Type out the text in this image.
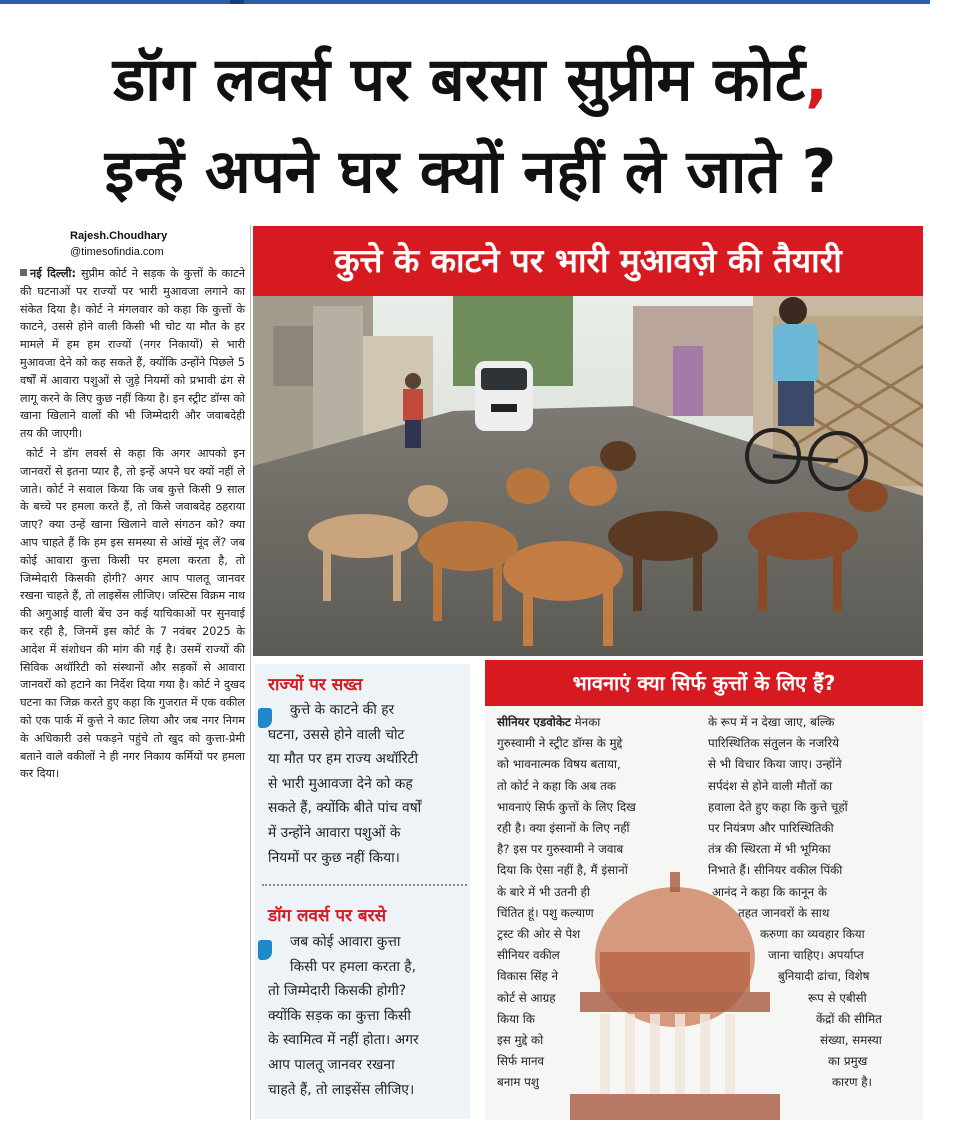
डॉग लवर्स पर बरसा सुप्रीम कोर्ट,
इन्हें अपने घर क्यों नहीं ले जाते ?
Rajesh.Choudhary
@timesofindia.com

नई दिल्ली: सुप्रीम कोर्ट ने सड़क के कुत्तों के काटने की घटनाओं पर राज्यों पर भारी मुआवजा लगाने का संकेत दिया है। कोर्ट ने मंगलवार को कहा कि कुत्तों के काटने, उससे होने वाली किसी भी चोट या मौत के हर मामले में हम हम राज्यों (नगर निकायों) से भारी मुआवजा देने को कह सकते हैं, क्योंकि उन्होंने पिछले 5 वर्षों में आवारा पशुओं से जुड़े नियमों को प्रभावी ढंग से लागू करने के लिए कुछ नहीं किया है। इन स्ट्रीट डॉग्स को खाना खिलाने वालों की भी जिम्मेदारी और जवाबदेही तय की जाएगी।

कोर्ट ने डॉग लवर्स से कहा कि अगर आपको इन जानवरों से इतना प्यार है, तो इन्हें अपने घर क्यों नहीं ले जाते। कोर्ट ने सवाल किया कि जब कुत्ते किसी 9 साल के बच्चे पर हमला करते हैं, तो किसे जवाबदेह ठहराया जाए? क्या उन्हें खाना खिलाने वाले संगठन को? क्या आप चाहते हैं कि हम इस समस्या से आंखें मूंद लें? जब कोई आवारा कुत्ता किसी पर हमला करता है, तो जिम्मेदारी किसकी होगी? अगर आप पालतू जानवर रखना चाहते हैं, तो लाइसेंस लीजिए। जस्टिस विक्रम नाथ की अगुआई वाली बेंच उन कई याचिकाओं पर सुनवाई कर रही है, जिनमें इस कोर्ट के 7 नवंबर 2025 के आदेश में संशोधन की मांग की गई है। उसमें राज्यों की सिविक अथॉरिटी को संस्थानों और सड़कों से आवारा जानवरों को हटाने का निर्देश दिया गया है। कोर्ट ने दुखद घटना का जिक्र करते हुए कहा कि गुजरात में एक वकील को एक पार्क में कुत्ते ने काट लिया और जब नगर निगम के अधिकारी उसे पकड़ने पहुंचे तो खुद को कुत्ता-प्रेमी बताने वाले वकीलों ने ही नगर निकाय कर्मियों पर हमला कर दिया।

कुत्ते के काटने पर भारी मुआवज़े की तैयारी
राज्यों पर सख्त
कुत्ते के काटने की हर
घटना, उससे होने वाली चोट
या मौत पर हम राज्य अथॉरिटी
से भारी मुआवजा देने को कह
सकते हैं, क्योंकि बीते पांच वर्षों
में उन्होंने आवारा पशुओं के
नियमों पर कुछ नहीं किया।
डॉग लवर्स पर बरसे
जब कोई आवारा कुत्ता
किसी पर हमला करता है,
तो जिम्मेदारी किसकी होगी?
क्योंकि सड़क का कुत्ता किसी
के स्वामित्व में नहीं होता। अगर
आप पालतू जानवर रखना
चाहते हैं, तो लाइसेंस लीजिए।
भावनाएं क्या सिर्फ कुत्तों के लिए हैं?
सीनियर एडवोकेट मेनका
गुरुस्वामी ने स्ट्रीट डॉग्स के मुद्दे
को भावनात्मक विषय बताया,
तो कोर्ट ने कहा कि अब तक
भावनाएं सिर्फ कुत्तों के लिए दिख
रही है। क्या इंसानों के लिए नहीं
है? इस पर गुरुस्वामी ने जवाब
दिया कि ऐसा नहीं है, मैं इंसानों
के बारे में भी उतनी ही
चिंतित हूं। पशु कल्याण
ट्रस्ट की ओर से पेश
सीनियर वकील
विकास सिंह ने
कोर्ट से आग्रह
किया कि
इस मुद्दे को
सिर्फ मानव
बनाम पशु
के रूप में न देखा जाए, बल्कि
पारिस्थितिक संतुलन के नजरिये
से भी विचार किया जाए। उन्होंने
सर्पदंश से होने वाली मौतों का
हवाला देते हुए कहा कि कुत्ते चूहों
पर नियंत्रण और पारिस्थितिकी
तंत्र की स्थिरता में भी भूमिका
निभाते हैं। सीनियर वकील पिंकी
आनंद ने कहा कि कानून के
तहत जानवरों के साथ
करुणा का व्यवहार किया
जाना चाहिए। अपर्याप्त
बुनियादी ढांचा, विशेष
रूप से एबीसी
केंद्रों की सीमित
संख्या, समस्या
का प्रमुख
कारण है।
